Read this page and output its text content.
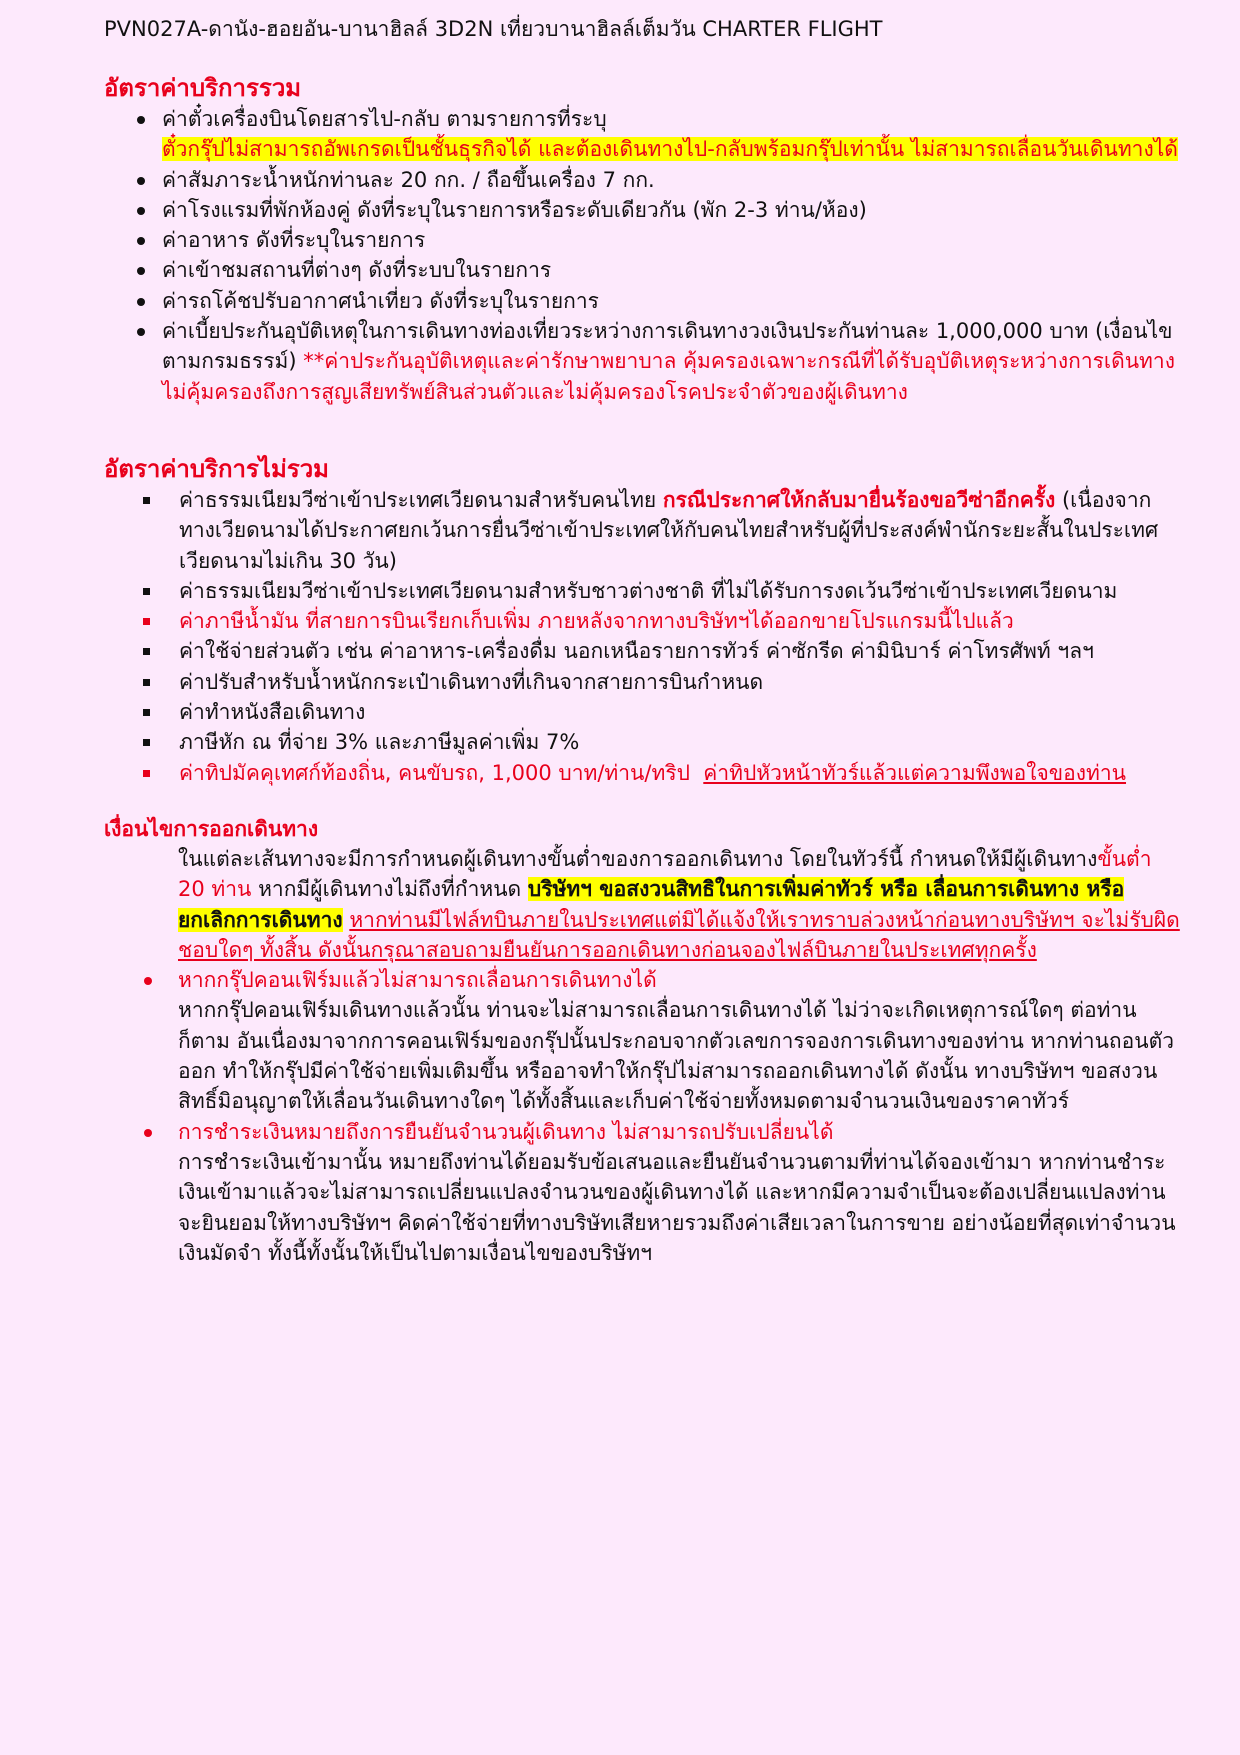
PVN027A-ดานัง-ฮอยอัน-บานาฮิลล์ 3D2N เที่ยวบานาฮิลล์เต็มวัน CHARTER FLIGHT
อัตราค่าบริการรวม
ค่าตั๋วเครื่องบินโดยสารไป-กลับ ตามรายการที่ระบุ
ตั๋วกรุ๊ปไม่สามารถอัพเกรดเป็นชั้นธุรกิจได้ และต้องเดินทางไป-กลับพร้อมกรุ๊ปเท่านั้น ไม่สามารถเลื่อนวันเดินทางได้
ค่าสัมภาระน้ำหนักท่านละ 20 กก. / ถือขึ้นเครื่อง 7 กก.
ค่าโรงแรมที่พักห้องคู่ ดังที่ระบุในรายการหรือระดับเดียวกัน (พัก 2-3 ท่าน/ห้อง)
ค่าอาหาร ดังที่ระบุในรายการ
ค่าเข้าชมสถานที่ต่างๆ ดังที่ระบบในรายการ
ค่ารถโค้ชปรับอากาศนำเที่ยว ดังที่ระบุในรายการ
ค่าเบี้ยประกันอุบัติเหตุในการเดินทางท่องเที่ยวระหว่างการเดินทางวงเงินประกันท่านละ 1,000,000 บาท (เงื่อนไขตามกรมธรรม์) **ค่าประกันอุบัติเหตุและค่ารักษาพยาบาล คุ้มครองเฉพาะกรณีที่ได้รับอุบัติเหตุระหว่างการเดินทาง ไม่คุ้มครองถึงการสูญเสียทรัพย์สินส่วนตัวและไม่คุ้มครองโรคประจำตัวของผู้เดินทาง
อัตราค่าบริการไม่รวม
ค่าธรรมเนียมวีซ่าเข้าประเทศเวียดนามสำหรับคนไทย กรณีประกาศให้กลับมายื่นร้องขอวีซ่าอีกครั้ง (เนื่องจากทางเวียดนามได้ประกาศยกเว้นการยื่นวีซ่าเข้าประเทศให้กับคนไทยสำหรับผู้ที่ประสงค์พำนักระยะสั้นในประเทศเวียดนามไม่เกิน 30 วัน)
ค่าธรรมเนียมวีซ่าเข้าประเทศเวียดนามสำหรับชาวต่างชาติ ที่ไม่ได้รับการงดเว้นวีซ่าเข้าประเทศเวียดนาม
ค่าภาษีน้ำมัน ที่สายการบินเรียกเก็บเพิ่ม ภายหลังจากทางบริษัทฯได้ออกขายโปรแกรมนี้ไปแล้ว
ค่าใช้จ่ายส่วนตัว เช่น ค่าอาหาร-เครื่องดื่ม นอกเหนือรายการทัวร์ ค่าซักรีด ค่ามินิบาร์ ค่าโทรศัพท์ ฯลฯ
ค่าปรับสำหรับน้ำหนักกระเป๋าเดินทางที่เกินจากสายการบินกำหนด
ค่าทำหนังสือเดินทาง
ภาษีหัก ณ ที่จ่าย 3% และภาษีมูลค่าเพิ่ม 7%
ค่าทิปมัคคุเทศก์ท้องถิ่น, คนขับรถ, 1,000 บาท/ท่าน/ทริป ค่าทิปหัวหน้าทัวร์แล้วแต่ความพึงพอใจของท่าน
เงื่อนไขการออกเดินทาง
ในแต่ละเส้นทางจะมีการกำหนดผู้เดินทางขั้นต่ำของการออกเดินทาง โดยในทัวร์นี้ กำหนดให้มีผู้เดินทางขั้นต่ำ 20 ท่าน หากมีผู้เดินทางไม่ถึงที่กำหนด บริษัทฯ ขอสงวนสิทธิในการเพิ่มค่าทัวร์ หรือ เลื่อนการเดินทาง หรือ ยกเลิกการเดินทาง หากท่านมีไฟล์ทบินภายในประเทศแต่มิได้แจ้งให้เราทราบล่วงหน้าก่อนทางบริษัทฯ จะไม่รับผิดชอบใดๆ ทั้งสิ้น ดังนั้นกรุณาสอบถามยืนยันการออกเดินทางก่อนจองไฟล์บินภายในประเทศทุกครั้ง
หากกรุ๊ปคอนเฟิร์มแล้วไม่สามารถเลื่อนการเดินทางได้
หากกรุ๊ปคอนเฟิร์มเดินทางแล้วนั้น ท่านจะไม่สามารถเลื่อนการเดินทางได้ ไม่ว่าจะเกิดเหตุการณ์ใดๆ ต่อท่านก็ตาม อันเนื่องมาจากการคอนเฟิร์มของกรุ๊ปนั้นประกอบจากตัวเลขการจองการเดินทางของท่าน หากท่านถอนตัวออก ทำให้กรุ๊ปมีค่าใช้จ่ายเพิ่มเติมขึ้น หรืออาจทำให้กรุ๊ปไม่สามารถออกเดินทางได้ ดังนั้น ทางบริษัทฯ ขอสงวนสิทธิ์มิอนุญาตให้เลื่อนวันเดินทางใดๆ ได้ทั้งสิ้นและเก็บค่าใช้จ่ายทั้งหมดตามจำนวนเงินของราคาทัวร์
การชำระเงินหมายถึงการยืนยันจำนวนผู้เดินทาง ไม่สามารถปรับเปลี่ยนได้
การชำระเงินเข้ามานั้น หมายถึงท่านได้ยอมรับข้อเสนอและยืนยันจำนวนตามที่ท่านได้จองเข้ามา หากท่านชำระเงินเข้ามาแล้วจะไม่สามารถเปลี่ยนแปลงจำนวนของผู้เดินทางได้ และหากมีความจำเป็นจะต้องเปลี่ยนแปลงท่านจะยินยอมให้ทางบริษัทฯ คิดค่าใช้จ่ายที่ทางบริษัทเสียหายรวมถึงค่าเสียเวลาในการขาย อย่างน้อยที่สุดเท่าจำนวนเงินมัดจำ ทั้งนี้ทั้งนั้นให้เป็นไปตามเงื่อนไขของบริษัทฯ
